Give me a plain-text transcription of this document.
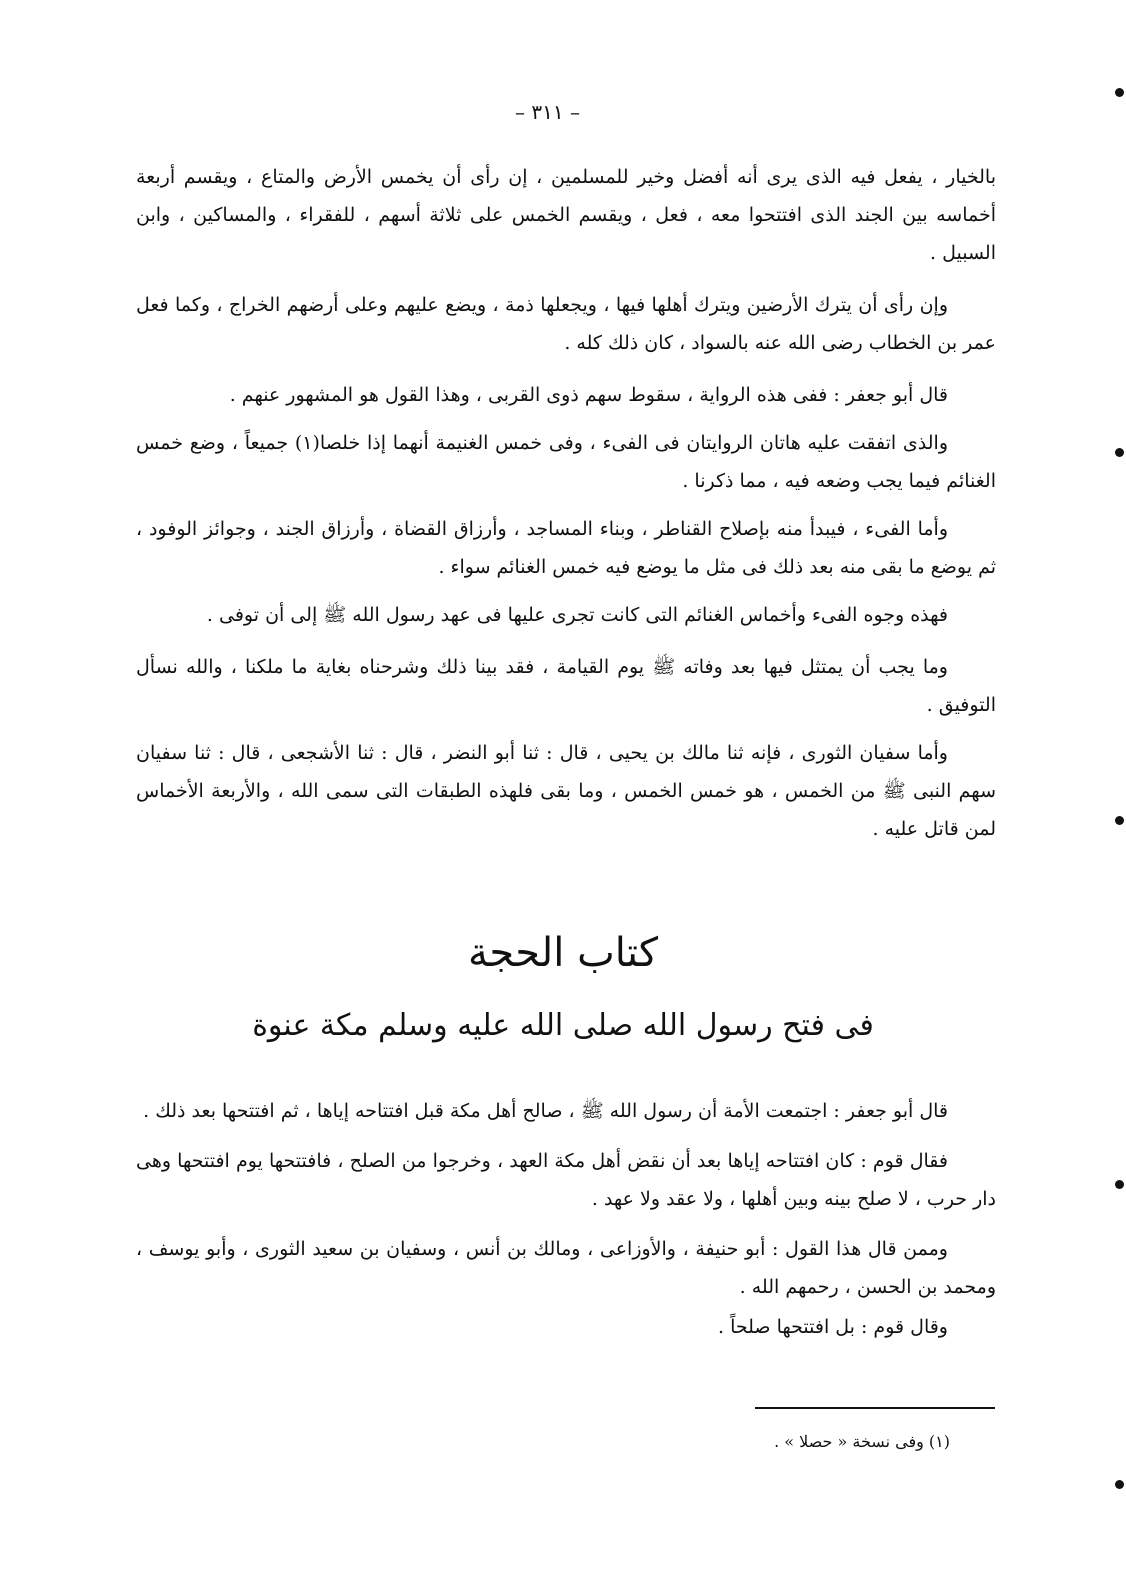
– ٣١١ –

بالخيار ، يفعل فيه الذى يرى أنه أفضل وخير للمسلمين ، إن رأى أن يخمس الأرض والمتاع ، ويقسم أربعة أخماسه بين الجند الذى افتتحوا معه ، فعل ، ويقسم الخمس على ثلاثة أسهم ، للفقراء ، والمساكين ، وابن السبيل .

وإن رأى أن يترك الأرضين ويترك أهلها فيها ، ويجعلها ذمة ، ويضع عليهم وعلى أرضهم الخراج ، وكما فعل عمر بن الخطاب رضى الله عنه بالسواد ، كان ذلك كله .

قال أبو جعفر : ففى هذه الرواية ، سقوط سهم ذوى القربى ، وهذا القول هو المشهور عنهم .

والذى اتفقت عليه هاتان الروايتان فى الفىء ، وفى خمس الغنيمة أنهما إذا خلصا(١) جميعاً ، وضع خمس الغنائم فيما يجب وضعه فيه ، مما ذكرنا .

وأما الفىء ، فيبدأ منه بإصلاح القناطر ، وبناء المساجد ، وأرزاق القضاة ، وأرزاق الجند ، وجوائز الوفود ، ثم يوضع ما بقى منه بعد ذلك فى مثل ما يوضع فيه خمس الغنائم سواء .

فهذه وجوه الفىء وأخماس الغنائم التى كانت تجرى عليها فى عهد رسول الله ﷺ إلى أن توفى .

وما يجب أن يمتثل فيها بعد وفاته ﷺ يوم القيامة ، فقد بينا ذلك وشرحناه بغاية ما ملكنا ، والله نسأل التوفيق .

وأما سفيان الثورى ، فإنه ثنا مالك بن يحيى ، قال : ثنا أبو النضر ، قال : ثنا الأشجعى ، قال : ثنا سفيان سهم النبى ﷺ من الخمس ، هو خمس الخمس ، وما بقى فلهذه الطبقات التى سمى الله ، والأربعة الأخماس لمن قاتل عليه .

كتاب الحجة
فى فتح رسول الله صلى الله عليه وسلم مكة عنوة

قال أبو جعفر : اجتمعت الأمة أن رسول الله ﷺ ، صالح أهل مكة قبل افتتاحه إياها ، ثم افتتحها بعد ذلك .

فقال قوم : كان افتتاحه إياها بعد أن نقض أهل مكة العهد ، وخرجوا من الصلح ، فافتتحها يوم افتتحها وهى دار حرب ، لا صلح بينه وبين أهلها ، ولا عقد ولا عهد .

وممن قال هذا القول : أبو حنيفة ، والأوزاعى ، ومالك بن أنس ، وسفيان بن سعيد الثورى ، وأبو يوسف ، ومحمد بن الحسن ، رحمهم الله .

وقال قوم : بل افتتحها صلحاً .

(١) وفى نسخة « حصلا » .
